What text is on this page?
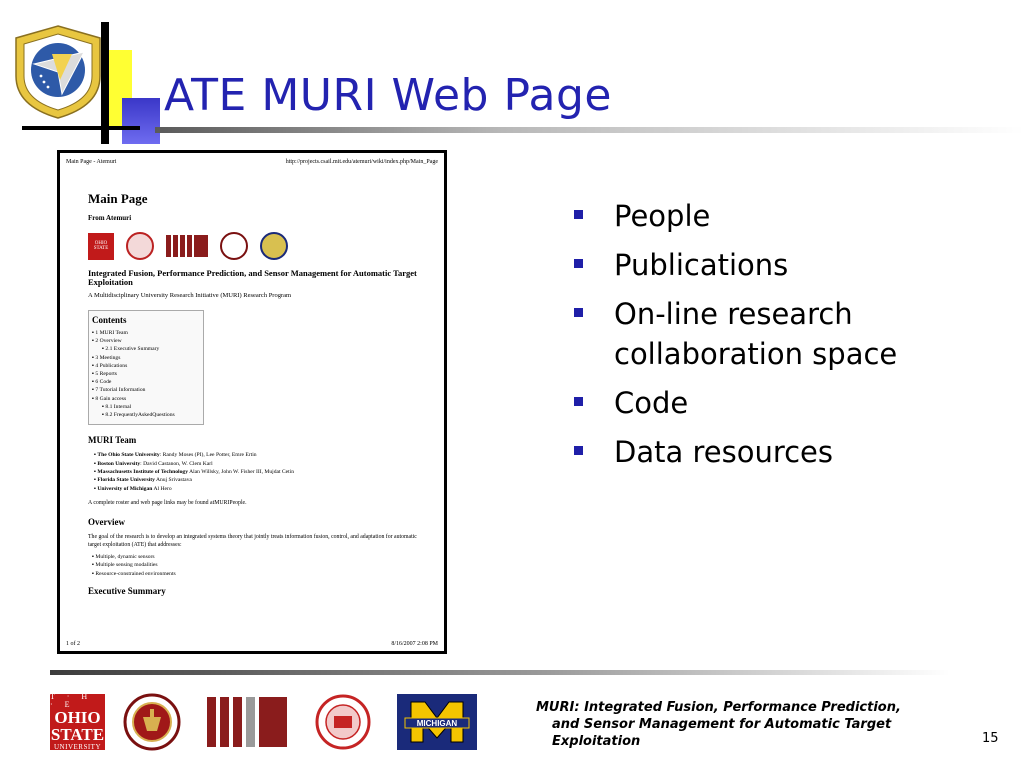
ATE MURI Web Page
Main Page - Atemuri	http://projects.csail.mit.edu/atemuri/wiki/index.php/Main_Page
Main Page
From Atemuri
OHIO
STATE
Integrated Fusion, Performance Prediction, and Sensor Management for Automatic Target Exploitation
A Multidisciplinary University Research Initiative (MURI) Research Program
Contents
▪ 1 MURI Team
▪ 2 Overview
▪ 2.1 Executive Summary
▪ 3 Meetings
▪ 4 Publications
▪ 5 Reports
▪ 6 Code
▪ 7 Tutorial Information
▪ 8 Gain access
▪ 8.1 Internal
▪ 8.2 FrequentlyAskedQuestions
MURI Team
▪ The Ohio State University: Randy Moses (PI), Lee Potter, Emre Ertin
▪ Boston University: David Castanon, W. Clem Karl
▪ Massachusetts Institute of Technology Alan Willsky, John W. Fisher III, Mujdat Cetin
▪ Florida State University Anuj Srivastava
▪ University of Michigan Al Hero
A complete roster and web page links may be found atMURIPeople.
Overview
The goal of the research is to develop an integrated systems theory that jointly treats information fusion, control, and adaptation for automatic target exploitation (ATE) that addresses:
▪ Multiple, dynamic sensors
▪ Multiple sensing modalities
▪ Resource-constrained environments
Executive Summary
1 of 2	8/16/2007 2:08 PM
People
Publications
On-line research collaboration space
Code
Data resources
T · H · E
OHIO
STATE
UNIVERSITY
MICHIGAN
MURI: Integrated Fusion, Performance Prediction,
and Sensor Management for Automatic Target
Exploitation	15
